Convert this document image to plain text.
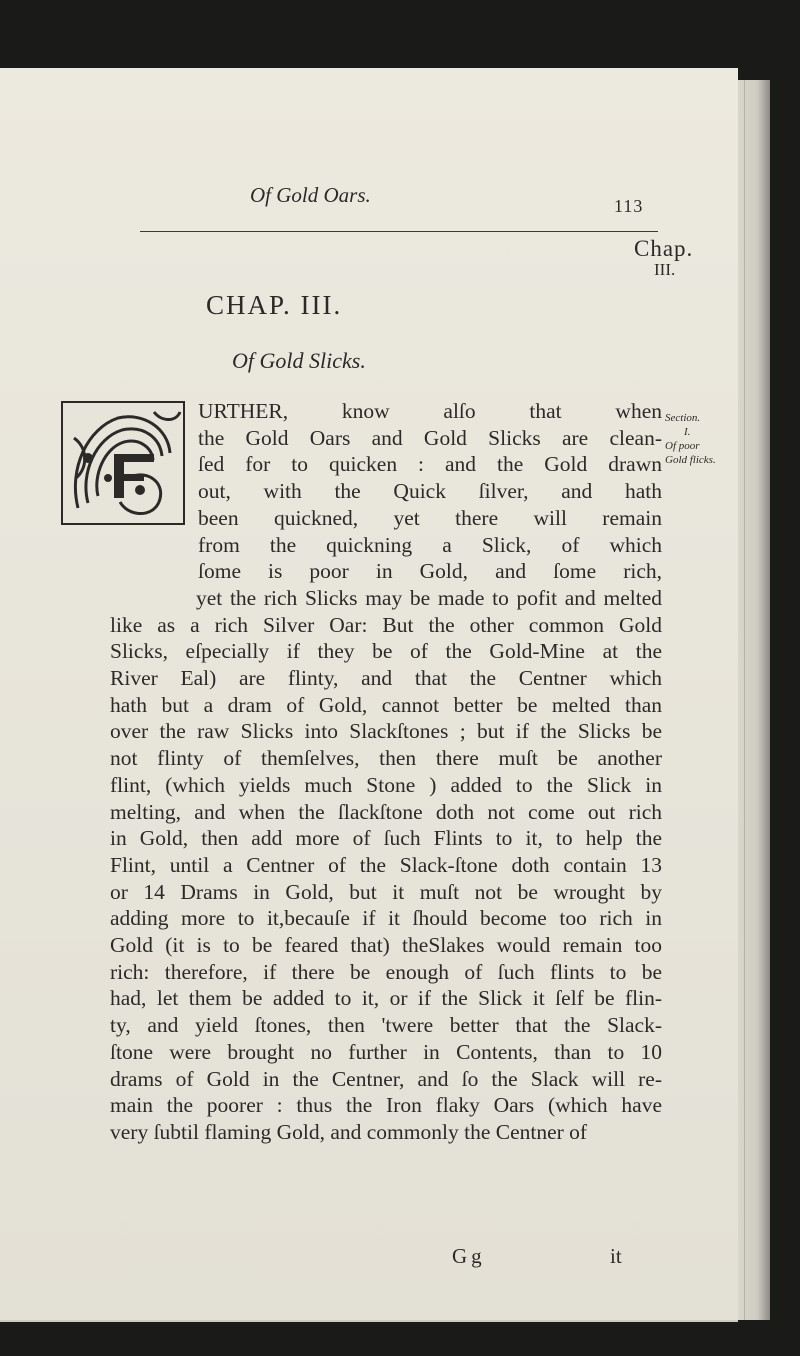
Of Gold Oars.	113
Chap.
III.
CHAP. III.
Of Gold Slicks.
Section.
I.
Of poor
Gold flicks.
URTHER, know alſo that when
the Gold Oars and Gold Slicks are clean-
ſed for to quicken : and the Gold drawn
out, with the Quick ſilver, and hath
been quickned, yet there will remain
from the quickning a Slick, of which
ſome is poor in Gold, and ſome rich,
yet the rich Slicks may be made to pofit and melted
like as a rich Silver Oar: But the other common Gold
Slicks, eſpecially if they be of the Gold-Mine at the
River Eal) are flinty, and that the Centner which
hath but a dram of Gold, cannot better be melted than
over the raw Slicks into Slackſtones ; but if the Slicks be
not flinty of themſelves, then there muſt be another
flint, (which yields much Stone ) added to the Slick in
melting, and when the ſlackſtone doth not come out rich
in Gold, then add more of ſuch Flints to it, to help the
Flint, until a Centner of the Slack-ſtone doth contain 13
or 14 Drams in Gold, but it muſt not be wrought by
adding more to it,becauſe if it ſhould become too rich in
Gold (it is to be feared that) theSlakes would remain too
rich: therefore, if there be enough of ſuch flints to be
had, let them be added to it, or if the Slick it ſelf be flin-
ty, and yield ſtones, then 'twere better that the Slack-
ſtone were brought no further in Contents, than to 10
drams of Gold in the Centner, and ſo the Slack will re-
main the poorer : thus the Iron flaky Oars (which have
very ſubtil flaming Gold, and commonly the Centner of
Gg	it
